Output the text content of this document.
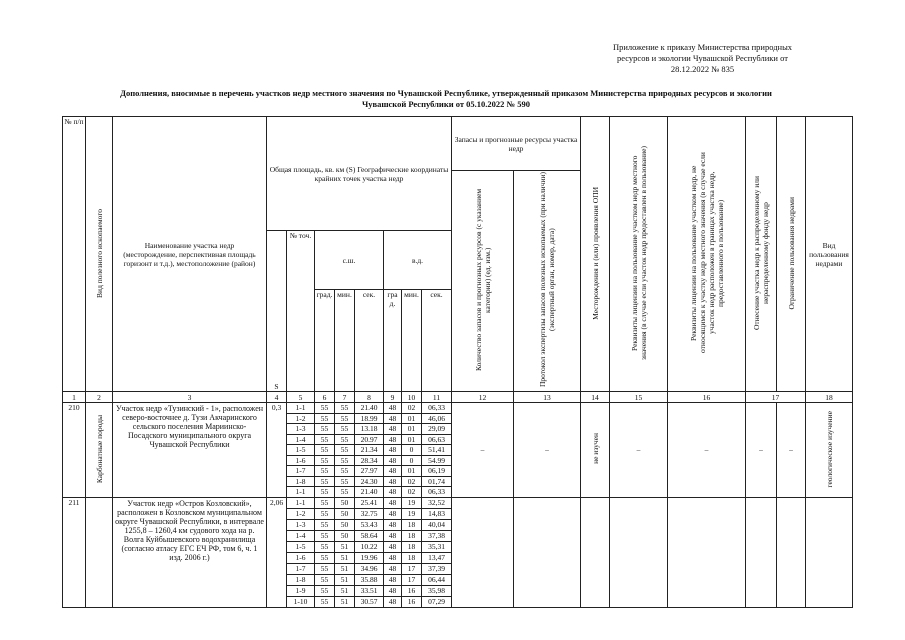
Приложение к приказу Министерства природных
ресурсов и экологии Чувашской Республики от
28.12.2022 № 835
Дополнения, вносимые в перечень участков недр местного значения по Чувашской Республике, утвержденный приказом Министерства природных ресурсов и экологии
Чувашской Республики от 05.10.2022 № 590
№ п/п	Вид полезного ископаемого	Наименование участка недр (месторождение, перспективная площадь горизонт и т.д.), местоположение (район)	Общая площадь, кв. км (S) Географические координаты крайних точек участка недр								Запасы и прогнозные ресурсы участка недр		Месторождения и (или) проявления ОПИ	Реквизиты лицензии на пользование участком недр местного значения (в случае если участок недр предоставлен в пользование)	Реквизиты лицензии на пользование участком недр, не относящимся к участку недр местного значения (в случае если участок недр расположен в границах участка недр, предоставленного в пользование)	Отнесение участка недр к распределенному или нераспределенному фонду недр	Ограничение пользования недрами	Вид пользования недрами
											Количество запасов и прогнозных ресурсов (с указанием категории) (ед. изм.)	Протокол экспертизы запасов полезных ископаемых (при наличии) (экспертный орган, номер, дата)						
			S	№ точ.	с.ш.			в.д.										
					град.	мин.	сек.	гра д.	мин.	сек.								
1	2	3	4	5	6	7	8	9	10	11	12	13	14	15	16	17		18
210	Карбонатные породы	Участок недр «Тузинский - 1», расположен северо-восточнее д. Тузи Акчаринского сельского поселения Мариинско-Посадского муниципального округа Чувашской Республики	0,3	1-1	55	55	21.40	48	02	06,33	–	–	не изучен	–	–	–	–	геологическое изучение
				1-2	55	55	18.99	48	01	46,06								
				1-3	55	55	13.18	48	01	29,09								
				1-4	55	55	20.97	48	01	06,63								
				1-5	55	55	21.34	48	0	51,41								
				1-6	55	55	28.34	48	0	54.99								
				1-7	55	55	27.97	48	01	06,19								
				1-8	55	55	24.30	48	02	01,74								
				1-1	55	55	21.40	48	02	06,33								
211		Участок недр «Остров Козловский», расположен в Козловском муниципальном округе Чувашской Республики, в интервале 1255,8 – 1260,4 км судового хода на р. Волга Куйбышевского водохранилища (согласно атласу ЕГС ЕЧ РФ, том 6, ч. 1 изд. 2006 г.)	2,06	1-1	55	50	25.41	48	19	32,52								
				1-2	55	50	32.75	48	19	14,83								
				1-3	55	50	53.43	48	18	40,04								
				1-4	55	50	58.64	48	18	37,38								
				1-5	55	51	10.22	48	18	35,31								
				1-6	55	51	19.96	48	18	13,47								
				1-7	55	51	34.96	48	17	37,39								
				1-8	55	51	35.88	48	17	06,44								
				1-9	55	51	33.51	48	16	35,98								
				1-10	55	51	30.57	48	16	07,29								
